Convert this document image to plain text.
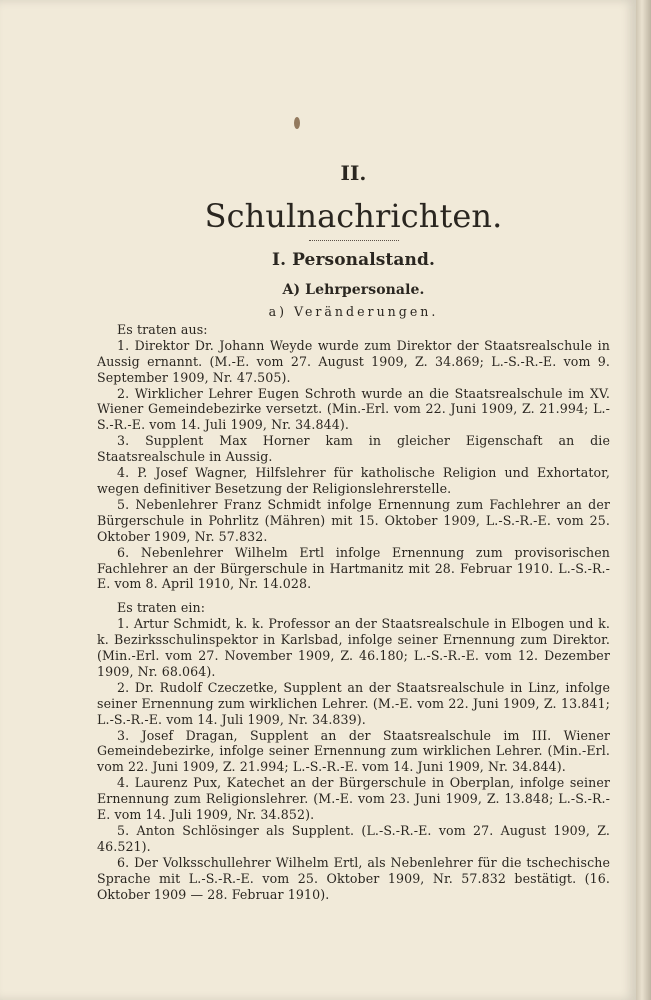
II.
Schulnachrichten.
I. Personalstand.
A) Lehrpersonale.
a) Veränderungen.

Es traten aus:

1. Direktor Dr. Johann Weyde wurde zum Direktor der Staatsrealschule in Aussig ernannt. (M.-E. vom 27. August 1909, Z. 34.869; L.-S.-R.-E. vom 9. September 1909, Nr. 47.505).

2. Wirklicher Lehrer Eugen Schroth wurde an die Staatsrealschule im XV. Wiener Gemeindebezirke versetzt. (Min.-Erl. vom 22. Juni 1909, Z. 21.994; L.-S.-R.-E. vom 14. Juli 1909, Nr. 34.844).

3. Supplent Max Horner kam in gleicher Eigenschaft an die Staatsrealschule in Aussig.

4. P. Josef Wagner, Hilfslehrer für katholische Religion und Exhortator, wegen definitiver Besetzung der Religionslehrerstelle.

5. Nebenlehrer Franz Schmidt infolge Ernennung zum Fachlehrer an der Bürgerschule in Pohrlitz (Mähren) mit 15. Oktober 1909, L.-S.-R.-E. vom 25. Oktober 1909, Nr. 57.832.

6. Nebenlehrer Wilhelm Ertl infolge Ernennung zum provisorischen Fachlehrer an der Bürgerschule in Hartmanitz mit 28. Februar 1910. L.-S.-R.-E. vom 8. April 1910, Nr. 14.028.

Es traten ein:

1. Artur Schmidt, k. k. Professor an der Staatsrealschule in Elbogen und k. k. Bezirksschulinspektor in Karlsbad, infolge seiner Ernennung zum Direktor. (Min.-Erl. vom 27. November 1909, Z. 46.180; L.-S.-R.-E. vom 12. Dezember 1909, Nr. 68.064).

2. Dr. Rudolf Czeczetke, Supplent an der Staatsrealschule in Linz, infolge seiner Ernennung zum wirklichen Lehrer. (M.-E. vom 22. Juni 1909, Z. 13.841; L.-S.-R.-E. vom 14. Juli 1909, Nr. 34.839).

3. Josef Dragan, Supplent an der Staatsrealschule im III. Wiener Gemeindebezirke, infolge seiner Ernennung zum wirklichen Lehrer. (Min.-Erl. vom 22. Juni 1909, Z. 21.994; L.-S.-R.-E. vom 14. Juni 1909, Nr. 34.844).

4. Laurenz Pux, Katechet an der Bürgerschule in Oberplan, infolge seiner Ernennung zum Religionslehrer. (M.-E. vom 23. Juni 1909, Z. 13.848; L.-S.-R.-E. vom 14. Juli 1909, Nr. 34.852).

5. Anton Schlösinger als Supplent. (L.-S.-R.-E. vom 27. August 1909, Z. 46.521).

6. Der Volksschullehrer Wilhelm Ertl, als Nebenlehrer für die tschechische Sprache mit L.-S.-R.-E. vom 25. Oktober 1909, Nr. 57.832 bestätigt. (16. Oktober 1909 — 28. Februar 1910).
